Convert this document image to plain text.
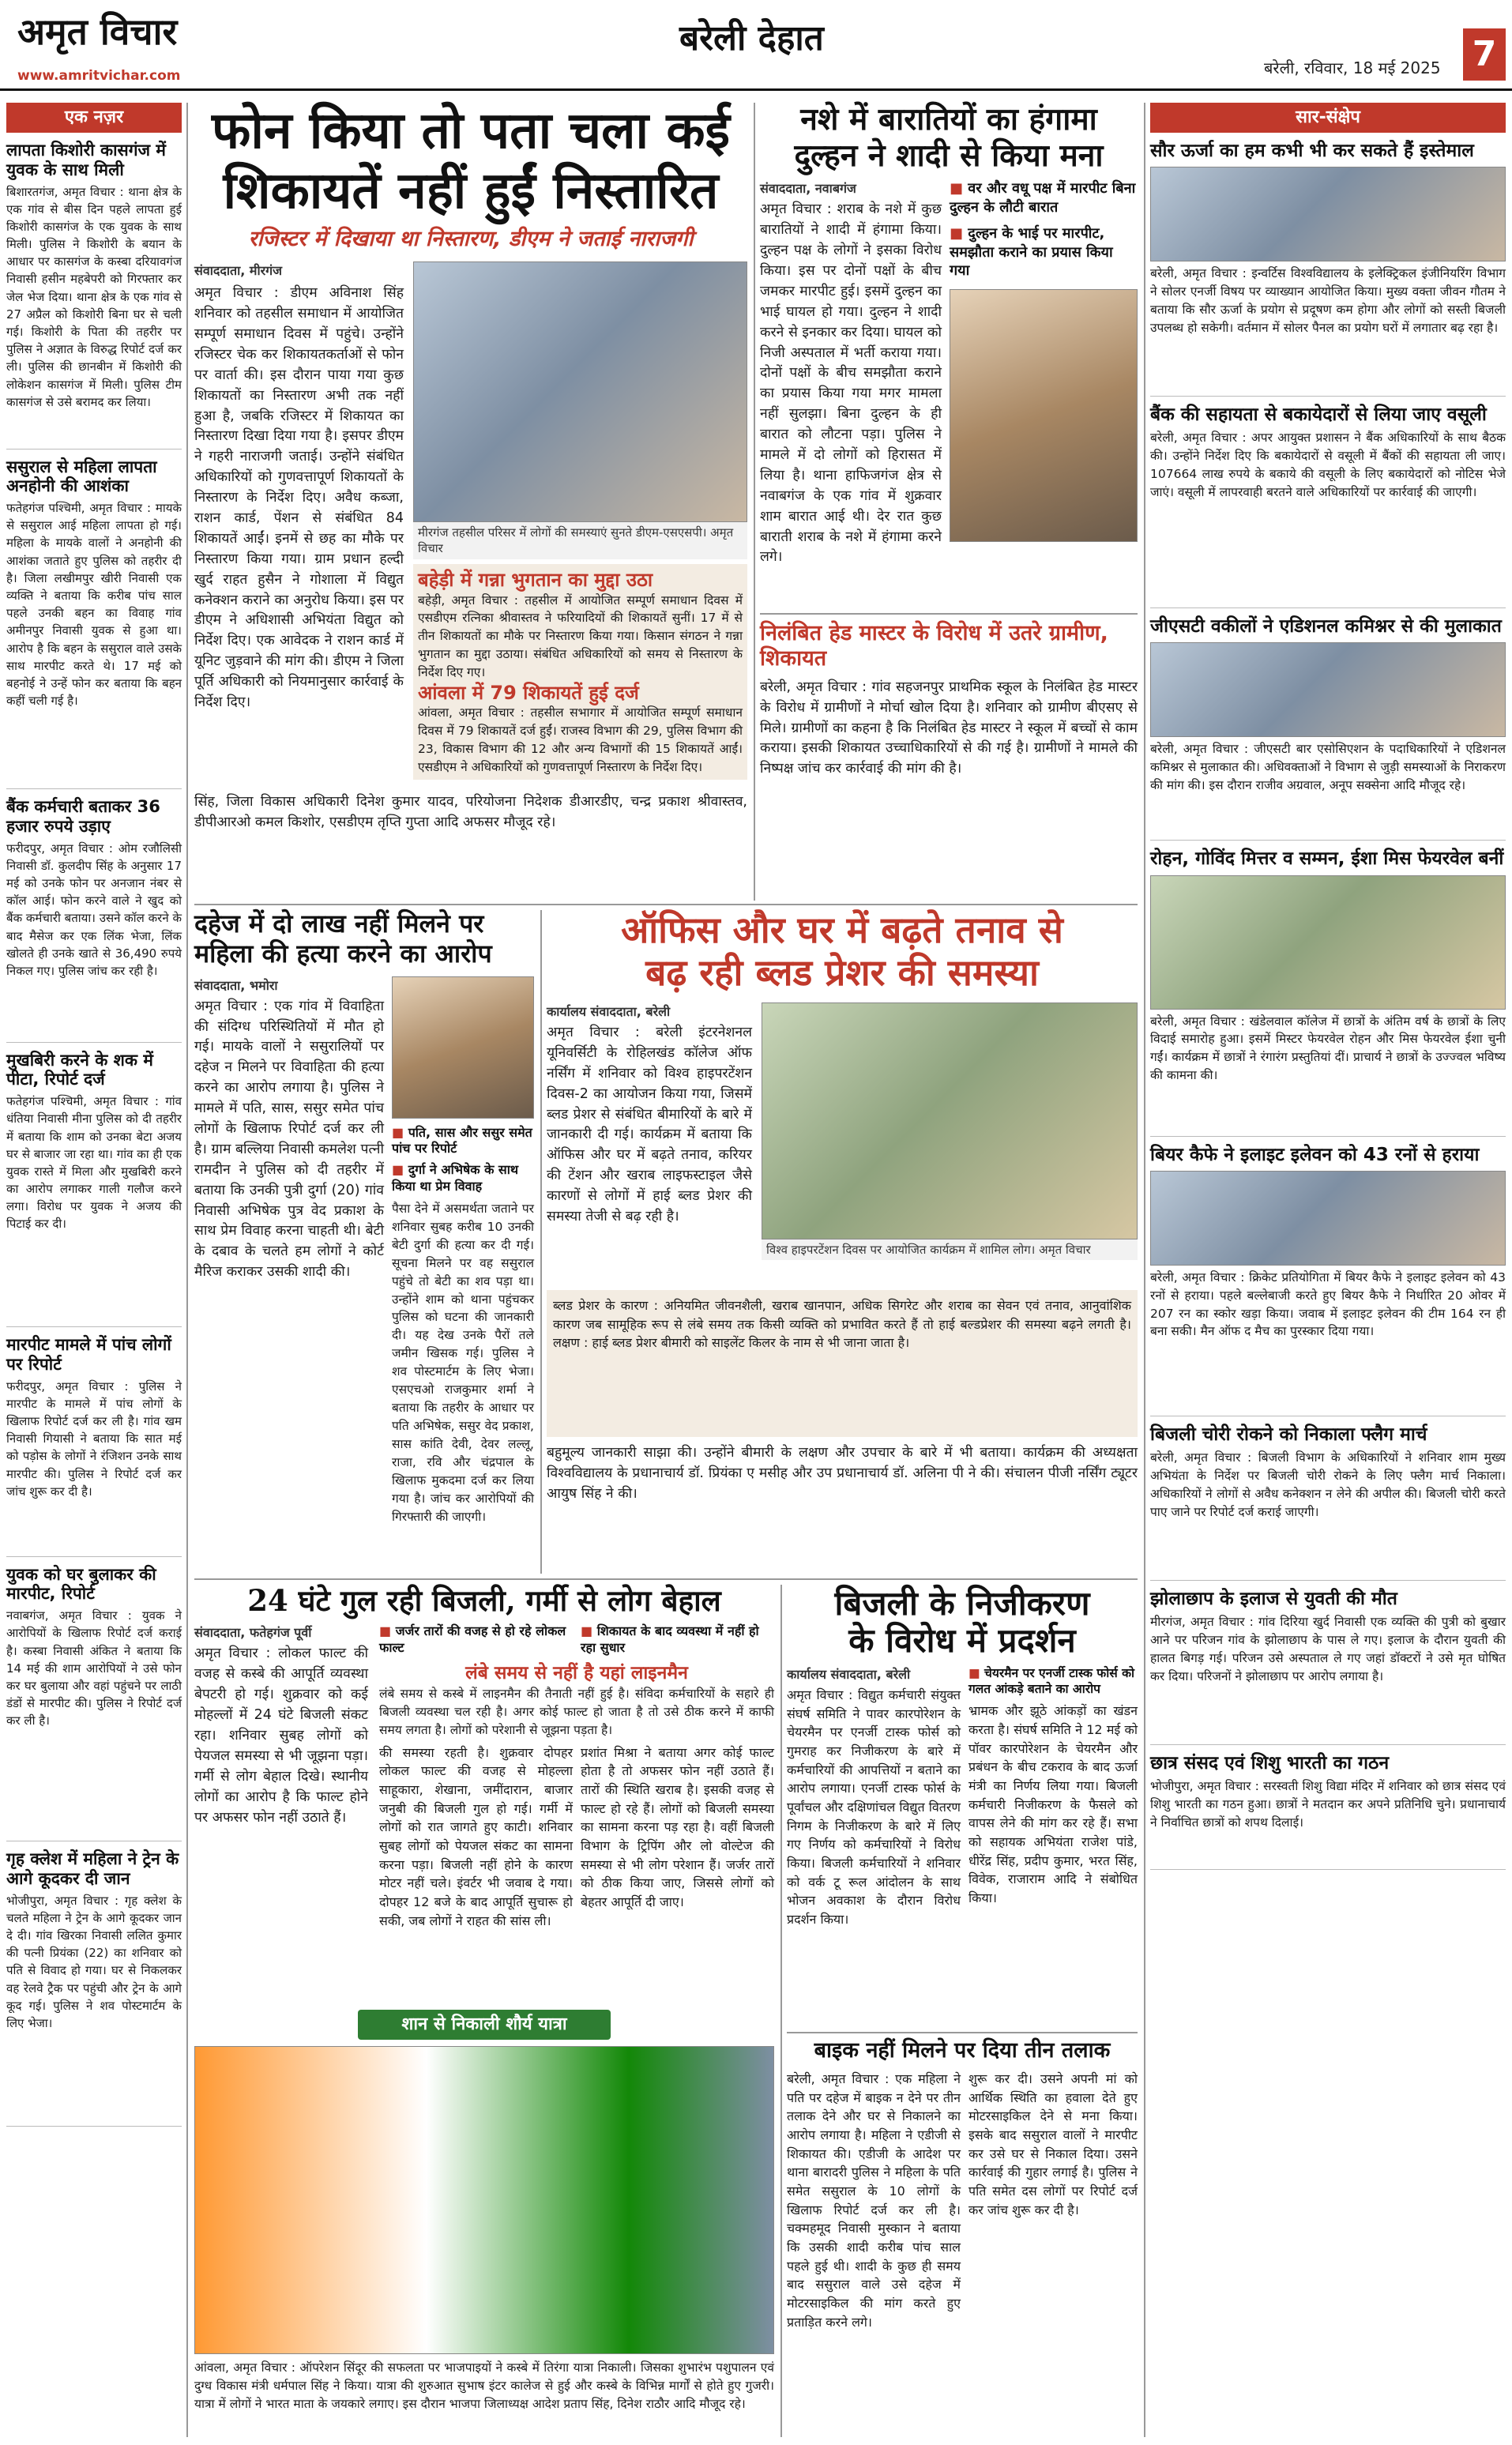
अमृत विचार
www.amritvichar.com
बरेली देहात
बरेली, रविवार, 18 मई 2025 7
एक नज़र
लापता किशोरी कासगंज में युवक के साथ मिली
बिशारतगंज, अमृत विचार : थाना क्षेत्र के एक गांव से बीस दिन पहले लापता हुई किशोरी कासगंज के एक युवक के साथ मिली। पुलिस ने किशोरी के बयान के आधार पर कासगंज के कस्बा दरियावगंज निवासी हसीन महबेपरी को गिरफ्तार कर जेल भेज दिया। थाना क्षेत्र के एक गांव से 27 अप्रैल को किशोरी बिना घर से चली गई। किशोरी के पिता की तहरीर पर पुलिस ने अज्ञात के विरुद्ध रिपोर्ट दर्ज कर ली। पुलिस की छानबीन में किशोरी की लोकेशन कासगंज में मिली। पुलिस टीम कासगंज से उसे बरामद कर लिया।
ससुराल से महिला लापता अनहोनी की आशंका
फतेहगंज पश्चिमी, अमृत विचार : मायके से ससुराल आई महिला लापता हो गई। महिला के मायके वालों ने अनहोनी की आशंका जताते हुए पुलिस को तहरीर दी है। जिला लखीमपुर खीरी निवासी एक व्यक्ति ने बताया कि करीब पांच साल पहले उनकी बहन का विवाह गांव अमीनपुर निवासी युवक से हुआ था। आरोप है कि बहन के ससुराल वाले उसके साथ मारपीट करते थे। 17 मई को बहनोई ने उन्हें फोन कर बताया कि बहन कहीं चली गई है।
बैंक कर्मचारी बताकर 36 हजार रुपये उड़ाए
फरीदपुर, अमृत विचार : ओम रजौलिसी निवासी डॉ. कुलदीप सिंह के अनुसार 17 मई को उनके फोन पर अनजान नंबर से कॉल आई। फोन करने वाले ने खुद को बैंक कर्मचारी बताया। उसने कॉल करने के बाद मैसेज कर एक लिंक भेजा, लिंक खोलते ही उनके खाते से 36,490 रुपये निकल गए। पुलिस जांच कर रही है।
मुखबिरी करने के शक में पीटा, रिपोर्ट दर्ज
फतेहगंज पश्चिमी, अमृत विचार : गांव धंतिया निवासी मीना पुलिस को दी तहरीर में बताया कि शाम को उनका बेटा अजय घर से बाजार जा रहा था। गांव का ही एक युवक रास्ते में मिला और मुखबिरी करने का आरोप लगाकर गाली गलौज करने लगा। विरोध पर युवक ने अजय की पिटाई कर दी।
मारपीट मामले में पांच लोगों पर रिपोर्ट
फरीदपुर, अमृत विचार : पुलिस ने मारपीट के मामले में पांच लोगों के खिलाफ रिपोर्ट दर्ज कर ली है। गांव खम निवासी गियासी ने बताया कि सात मई को पड़ोस के लोगों ने रंजिशन उनके साथ मारपीट की। पुलिस ने रिपोर्ट दर्ज कर जांच शुरू कर दी है।
युवक को घर बुलाकर की मारपीट, रिपोर्ट
नवाबगंज, अमृत विचार : युवक ने आरोपियों के खिलाफ रिपोर्ट दर्ज कराई है। कस्बा निवासी अंकित ने बताया कि 14 मई की शाम आरोपियों ने उसे फोन कर घर बुलाया और वहां पहुंचने पर लाठी डंडों से मारपीट की। पुलिस ने रिपोर्ट दर्ज कर ली है।
गृह क्लेश में महिला ने ट्रेन के आगे कूदकर दी जान
भोजीपुरा, अमृत विचार : गृह क्लेश के चलते महिला ने ट्रेन के आगे कूदकर जान दे दी। गांव खिरका निवासी ललित कुमार की पत्नी प्रियंका (22) का शनिवार को पति से विवाद हो गया। घर से निकलकर वह रेलवे ट्रैक पर पहुंची और ट्रेन के आगे कूद गई। पुलिस ने शव पोस्टमार्टम के लिए भेजा।
फोन किया तो पता चला कई
शिकायतें नहीं हुईं निस्तारित
रजिस्टर में दिखाया था निस्तारण, डीएम ने जताई नाराजगी
संवाददाता, मीरगंज
अमृत विचार : डीएम अविनाश सिंह शनिवार को तहसील समाधान में आयोजित सम्पूर्ण समाधान दिवस में पहुंचे। उन्होंने रजिस्टर चेक कर शिकायतकर्ताओं से फोन पर वार्ता की। इस दौरान पाया गया कुछ शिकायतों का निस्तारण अभी तक नहीं हुआ है, जबकि रजिस्टर में शिकायत का निस्तारण दिखा दिया गया है। इसपर डीएम ने गहरी नाराजगी जताई। उन्होंने संबंधित अधिकारियों को गुणवत्तापूर्ण शिकायतों के निस्तारण के निर्देश दिए। अवैध कब्जा, राशन कार्ड, पेंशन से संबंधित 84 शिकायतें आईं। इनमें से छह का मौके पर निस्तारण किया गया। ग्राम प्रधान हल्दी खुर्द राहत हुसैन ने गोशाला में विद्युत कनेक्शन कराने का अनुरोध किया। इस पर डीएम ने अधिशासी अभियंता विद्युत को निर्देश दिए। एक आवेदक ने राशन कार्ड में यूनिट जुड़वाने की मांग की। डीएम ने जिला पूर्ति अधिकारी को नियमानुसार कार्रवाई के निर्देश दिए।
मीरगंज तहसील परिसर में लोगों की समस्याएं सुनते डीएम-एसएसपी। अमृत विचार
बहेड़ी में गन्ना भुगतान का मुद्दा उठा
बहेड़ी, अमृत विचार : तहसील में आयोजित सम्पूर्ण समाधान दिवस में एसडीएम रत्निका श्रीवास्तव ने फरियादियों की शिकायतें सुनीं। 17 में से तीन शिकायतों का मौके पर निस्तारण किया गया। किसान संगठन ने गन्ना भुगतान का मुद्दा उठाया। संबंधित अधिकारियों को समय से निस्तारण के निर्देश दिए गए।
आंवला में 79 शिकायतें हुई दर्ज
आंवला, अमृत विचार : तहसील सभागार में आयोजित सम्पूर्ण समाधान दिवस में 79 शिकायतें दर्ज हुईं। राजस्व विभाग की 29, पुलिस विभाग की 23, विकास विभाग की 12 और अन्य विभागों की 15 शिकायतें आईं। एसडीएम ने अधिकारियों को गुणवत्तापूर्ण निस्तारण के निर्देश दिए।
सिंह, जिला विकास अधिकारी दिनेश कुमार यादव, परियोजना निदेशक डीआरडीए, चन्द्र प्रकाश श्रीवास्तव, डीपीआरओ कमल किशोर, एसडीएम तृप्ति गुप्ता आदि अफसर मौजूद रहे।
नशे में बारातियों का हंगामा
दुल्हन ने शादी से किया मना
संवाददाता, नवाबगंज
अमृत विचार : शराब के नशे में कुछ बारातियों ने शादी में हंगामा किया। दुल्हन पक्ष के लोगों ने इसका विरोध किया। इस पर दोनों पक्षों के बीच जमकर मारपीट हुई। इसमें दुल्हन का भाई घायल हो गया। दुल्हन ने शादी करने से इनकार कर दिया। घायल को निजी अस्पताल में भर्ती कराया गया। दोनों पक्षों के बीच समझौता कराने का प्रयास किया गया मगर मामला नहीं सुलझा। बिना दुल्हन के ही बारात को लौटना पड़ा। पुलिस ने मामले में दो लोगों को हिरासत में लिया है। थाना हाफिजगंज क्षेत्र से नवाबगंज के एक गांव में शुक्रवार शाम बारात आई थी। देर रात कुछ बाराती शराब के नशे में हंगामा करने लगे।
■ वर और वधू पक्ष में मारपीट बिना दुल्हन के लौटी बारात
■ दुल्हन के भाई पर मारपीट, समझौता कराने का प्रयास किया गया
निलंबित हेड मास्टर के विरोध में उतरे ग्रामीण, शिकायत
बरेली, अमृत विचार : गांव सहजनपुर प्राथमिक स्कूल के निलंबित हेड मास्टर के विरोध में ग्रामीणों ने मोर्चा खोल दिया है। शनिवार को ग्रामीण बीएसए से मिले। ग्रामीणों का कहना है कि निलंबित हेड मास्टर ने स्कूल में बच्चों से काम कराया। इसकी शिकायत उच्चाधिकारियों से की गई है। ग्रामीणों ने मामले की निष्पक्ष जांच कर कार्रवाई की मांग की है।
दहेज में दो लाख नहीं मिलने पर
महिला की हत्या करने का आरोप
संवाददाता, भमोरा
अमृत विचार : एक गांव में विवाहिता की संदिग्ध परिस्थितियों में मौत हो गई। मायके वालों ने ससुरालियों पर दहेज न मिलने पर विवाहिता की हत्या करने का आरोप लगाया है। पुलिस ने मामले में पति, सास, ससुर समेत पांच लोगों के खिलाफ रिपोर्ट दर्ज कर ली है। ग्राम बल्लिया निवासी कमलेश पत्नी रामदीन ने पुलिस को दी तहरीर में बताया कि उनकी पुत्री दुर्गा (20) गांव निवासी अभिषेक पुत्र वेद प्रकाश के साथ प्रेम विवाह करना चाहती थी। बेटी के दबाव के चलते हम लोगों ने कोर्ट मैरिज कराकर उसकी शादी की।
■ पति, सास और ससुर समेत पांच पर रिपोर्ट
■ दुर्गा ने अभिषेक के साथ किया था प्रेम विवाह
पैसा देने में असमर्थता जताने पर शनिवार सुबह करीब 10 उनकी बेटी दुर्गा की हत्या कर दी गई। सूचना मिलने पर वह ससुराल पहुंचे तो बेटी का शव पड़ा था। उन्होंने शाम को थाना पहुंचकर पुलिस को घटना की जानकारी दी। यह देख उनके पैरों तले जमीन खिसक गई। पुलिस ने शव पोस्टमार्टम के लिए भेजा। एसएचओ राजकुमार शर्मा ने बताया कि तहरीर के आधार पर पति अभिषेक, ससुर वेद प्रकाश, सास कांति देवी, देवर लल्लू, राजा, रवि और चंद्रपाल के खिलाफ मुकदमा दर्ज कर लिया गया है। जांच कर आरोपियों की गिरफ्तारी की जाएगी।
ऑफिस और घर में बढ़ते तनाव से
बढ़ रही ब्लड प्रेशर की समस्या
कार्यालय संवाददाता, बरेली
अमृत विचार : बरेली इंटरनेशनल यूनिवर्सिटी के रोहिलखंड कॉलेज ऑफ नर्सिंग में शनिवार को विश्व हाइपरटेंशन दिवस-2 का आयोजन किया गया, जिसमें ब्लड प्रेशर से संबंधित बीमारियों के बारे में जानकारी दी गई। कार्यक्रम में बताया कि ऑफिस और घर में बढ़ते तनाव, करियर की टेंशन और खराब लाइफस्टाइल जैसे कारणों से लोगों में हाई ब्लड प्रेशर की समस्या तेजी से बढ़ रही है।
विश्व हाइपरटेंशन दिवस पर आयोजित कार्यक्रम में शामिल लोग। अमृत विचार
ब्लड प्रेशर के कारण : अनियमित जीवनशैली, खराब खानपान, अधिक सिगरेट और शराब का सेवन एवं तनाव, आनुवांशिक कारण जब सामूहिक रूप से लंबे समय तक किसी व्यक्ति को प्रभावित करते हैं तो हाई बल्डप्रेशर की समस्या बढ़ने लगती है। लक्षण : हाई ब्लड प्रेशर बीमारी को साइलेंट किलर के नाम से भी जाना जाता है।
बहुमूल्य जानकारी साझा की। उन्होंने बीमारी के लक्षण और उपचार के बारे में भी बताया। कार्यक्रम की अध्यक्षता विश्वविद्यालय के प्रधानाचार्य डॉ. प्रियंका ए मसीह और उप प्रधानाचार्य डॉ. अलिना पी ने की। संचालन पीजी नर्सिंग ट्यूटर आयुष सिंह ने की।
24 घंटे गुल रही बिजली, गर्मी से लोग बेहाल
संवाददाता, फतेहगंज पूर्वी
अमृत विचार : लोकल फाल्ट की वजह से कस्बे की आपूर्ति व्यवस्था बेपटरी हो गई। शुक्रवार को कई मोहल्लों में 24 घंटे बिजली संकट रहा। शनिवार सुबह लोगों को पेयजल समस्या से भी जूझना पड़ा। गर्मी से लोग बेहाल दिखे। स्थानीय लोगों का आरोप है कि फाल्ट होने पर अफसर फोन नहीं उठाते हैं।
■ जर्जर तारों की वजह से हो रहे लोकल फाल्ट
■ शिकायत के बाद व्यवस्था में नहीं हो रहा सुधार
लंबे समय से नहीं है यहां लाइनमैन
लंबे समय से कस्बे में लाइनमैन की तैनाती नहीं हुई है। संविदा कर्मचारियों के सहारे ही बिजली व्यवस्था चल रही है। अगर कोई फाल्ट हो जाता है तो उसे ठीक करने में काफी समय लगता है। लोगों को परेशानी से जूझना पड़ता है।
की समस्या रहती है। शुक्रवार दोपहर लोकल फाल्ट की वजह से मोहल्ला साहूकारा, शेखाना, जमींदारान, बाजार जनुबी की बिजली गुल हो गई। गर्मी में लोगों को रात जागते हुए काटी। शनिवार सुबह लोगों को पेयजल संकट का सामना करना पड़ा। बिजली नहीं होने के कारण मोटर नहीं चले। इंवर्टर भी जवाब दे गया। दोपहर 12 बजे के बाद आपूर्ति सुचारू हो सकी, जब लोगों ने राहत की सांस ली।
प्रशांत मिश्रा ने बताया अगर कोई फाल्ट होता है तो अफसर फोन नहीं उठाते हैं। तारों की स्थिति खराब है। इसकी वजह से फाल्ट हो रहे हैं। लोगों को बिजली समस्या का सामना करना पड़ रहा है। वहीं बिजली विभाग के ट्रिपिंग और लो वोल्टेज की समस्या से भी लोग परेशान हैं। जर्जर तारों को ठीक किया जाए, जिससे लोगों को बेहतर आपूर्ति दी जाए।
शान से निकाली शौर्य यात्रा
आंवला, अमृत विचार : ऑपरेशन सिंदूर की सफलता पर भाजपाइयों ने कस्बे में तिरंगा यात्रा निकाली। जिसका शुभारंभ पशुपालन एवं दुग्ध विकास मंत्री धर्मपाल सिंह ने किया। यात्रा की शुरुआत सुभाष इंटर कालेज से हुई और कस्बे के विभिन्न मार्गों से होते हुए गुजरी। यात्रा में लोगों ने भारत माता के जयकारे लगाए। इस दौरान भाजपा जिलाध्यक्ष आदेश प्रताप सिंह, दिनेश राठौर आदि मौजूद रहे।
बिजली के निजीकरण
के विरोध में प्रदर्शन
कार्यालय संवाददाता, बरेली
अमृत विचार : विद्युत कर्मचारी संयुक्त संघर्ष समिति ने पावर कारपोरेशन के चेयरमैन पर एनर्जी टास्क फोर्स को गुमराह कर निजीकरण के बारे में कर्मचारियों की आपत्तियों न बताने का आरोप लगाया। एनर्जी टास्क फोर्स के पूर्वांचल और दक्षिणांचल विद्युत वितरण निगम के निजीकरण के बारे में लिए गए निर्णय को कर्मचारियों ने विरोध किया। बिजली कर्मचारियों ने शनिवार को वर्क टू रूल आंदोलन के साथ भोजन अवकाश के दौरान विरोध प्रदर्शन किया।
■ चेयरमैन पर एनर्जी टास्क फोर्स को गलत आंकड़े बताने का आरोप
भ्रामक और झूठे आंकड़ों का खंडन करता है। संघर्ष समिति ने 12 मई को पॉवर कारपोरेशन के चेयरमैन और प्रबंधन के बीच टकराव के बाद ऊर्जा मंत्री का निर्णय लिया गया। बिजली कर्मचारी निजीकरण के फैसले को वापस लेने की मांग कर रहे हैं। सभा को सहायक अभियंता राजेश पांडे, धीरेंद्र सिंह, प्रदीप कुमार, भरत सिंह, विवेक, राजाराम आदि ने संबोधित किया।
बाइक नहीं मिलने पर दिया तीन तलाक
बरेली, अमृत विचार : एक महिला ने पति पर दहेज में बाइक न देने पर तीन तलाक देने और घर से निकालने का आरोप लगाया है। महिला ने एडीजी से शिकायत की। एडीजी के आदेश पर थाना बारादरी पुलिस ने महिला के पति समेत ससुराल के 10 लोगों के खिलाफ रिपोर्ट दर्ज कर ली है। चक्महमूद निवासी मुस्कान ने बताया कि उसकी शादी करीब पांच साल पहले हुई थी। शादी के कुछ ही समय बाद ससुराल वाले उसे दहेज में मोटरसाइकिल की मांग करते हुए प्रताड़ित करने लगे।
शुरू कर दी। उसने अपनी मां को आर्थिक स्थिति का हवाला देते हुए मोटरसाइकिल देने से मना किया। इसके बाद ससुराल वालों ने मारपीट कर उसे घर से निकाल दिया। उसने कार्रवाई की गुहार लगाई है। पुलिस ने पति समेत दस लोगों पर रिपोर्ट दर्ज कर जांच शुरू कर दी है।
सार-संक्षेप
सौर ऊर्जा का हम कभी भी कर सकते हैं इस्तेमाल
बरेली, अमृत विचार : इन्वर्टिस विश्वविद्यालय के इलेक्ट्रिकल इंजीनियरिंग विभाग ने सोलर एनर्जी विषय पर व्याख्यान आयोजित किया। मुख्य वक्ता जीवन गौतम ने बताया कि सौर ऊर्जा के प्रयोग से प्रदूषण कम होगा और लोगों को सस्ती बिजली उपलब्ध हो सकेगी। वर्तमान में सोलर पैनल का प्रयोग घरों में लगातार बढ़ रहा है।
बैंक की सहायता से बकायेदारों से लिया जाए वसूली
बरेली, अमृत विचार : अपर आयुक्त प्रशासन ने बैंक अधिकारियों के साथ बैठक की। उन्होंने निर्देश दिए कि बकायेदारों से वसूली में बैंकों की सहायता ली जाए। 107664 लाख रुपये के बकाये की वसूली के लिए बकायेदारों को नोटिस भेजे जाएं। वसूली में लापरवाही बरतने वाले अधिकारियों पर कार्रवाई की जाएगी।
जीएसटी वकीलों ने एडिशनल कमिश्नर से की मुलाकात
बरेली, अमृत विचार : जीएसटी बार एसोसिएशन के पदाधिकारियों ने एडिशनल कमिश्नर से मुलाकात की। अधिवक्ताओं ने विभाग से जुड़ी समस्याओं के निराकरण की मांग की। इस दौरान राजीव अग्रवाल, अनूप सक्सेना आदि मौजूद रहे।
रोहन, गोविंद मित्तर व सम्मन, ईशा मिस फेयरवेल बनीं
बरेली, अमृत विचार : खंडेलवाल कॉलेज में छात्रों के अंतिम वर्ष के छात्रों के लिए विदाई समारोह हुआ। इसमें मिस्टर फेयरवेल रोहन और मिस फेयरवेल ईशा चुनी गईं। कार्यक्रम में छात्रों ने रंगारंग प्रस्तुतियां दीं। प्राचार्य ने छात्रों के उज्ज्वल भविष्य की कामना की।
बियर कैफे ने इलाइट इलेवन को 43 रनों से हराया
बरेली, अमृत विचार : क्रिकेट प्रतियोगिता में बियर कैफे ने इलाइट इलेवन को 43 रनों से हराया। पहले बल्लेबाजी करते हुए बियर कैफे ने निर्धारित 20 ओवर में 207 रन का स्कोर खड़ा किया। जवाब में इलाइट इलेवन की टीम 164 रन ही बना सकी। मैन ऑफ द मैच का पुरस्कार दिया गया।
बिजली चोरी रोकने को निकाला फ्लैग मार्च
बरेली, अमृत विचार : बिजली विभाग के अधिकारियों ने शनिवार शाम मुख्य अभियंता के निर्देश पर बिजली चोरी रोकने के लिए फ्लैग मार्च निकाला। अधिकारियों ने लोगों से अवैध कनेक्शन न लेने की अपील की। बिजली चोरी करते पाए जाने पर रिपोर्ट दर्ज कराई जाएगी।
झोलाछाप के इलाज से युवती की मौत
मीरगंज, अमृत विचार : गांव दिरिया खुर्द निवासी एक व्यक्ति की पुत्री को बुखार आने पर परिजन गांव के झोलाछाप के पास ले गए। इलाज के दौरान युवती की हालत बिगड़ गई। परिजन उसे अस्पताल ले गए जहां डॉक्टरों ने उसे मृत घोषित कर दिया। परिजनों ने झोलाछाप पर आरोप लगाया है।
छात्र संसद एवं शिशु भारती का गठन
भोजीपुरा, अमृत विचार : सरस्वती शिशु विद्या मंदिर में शनिवार को छात्र संसद एवं शिशु भारती का गठन हुआ। छात्रों ने मतदान कर अपने प्रतिनिधि चुने। प्रधानाचार्य ने निर्वाचित छात्रों को शपथ दिलाई।
